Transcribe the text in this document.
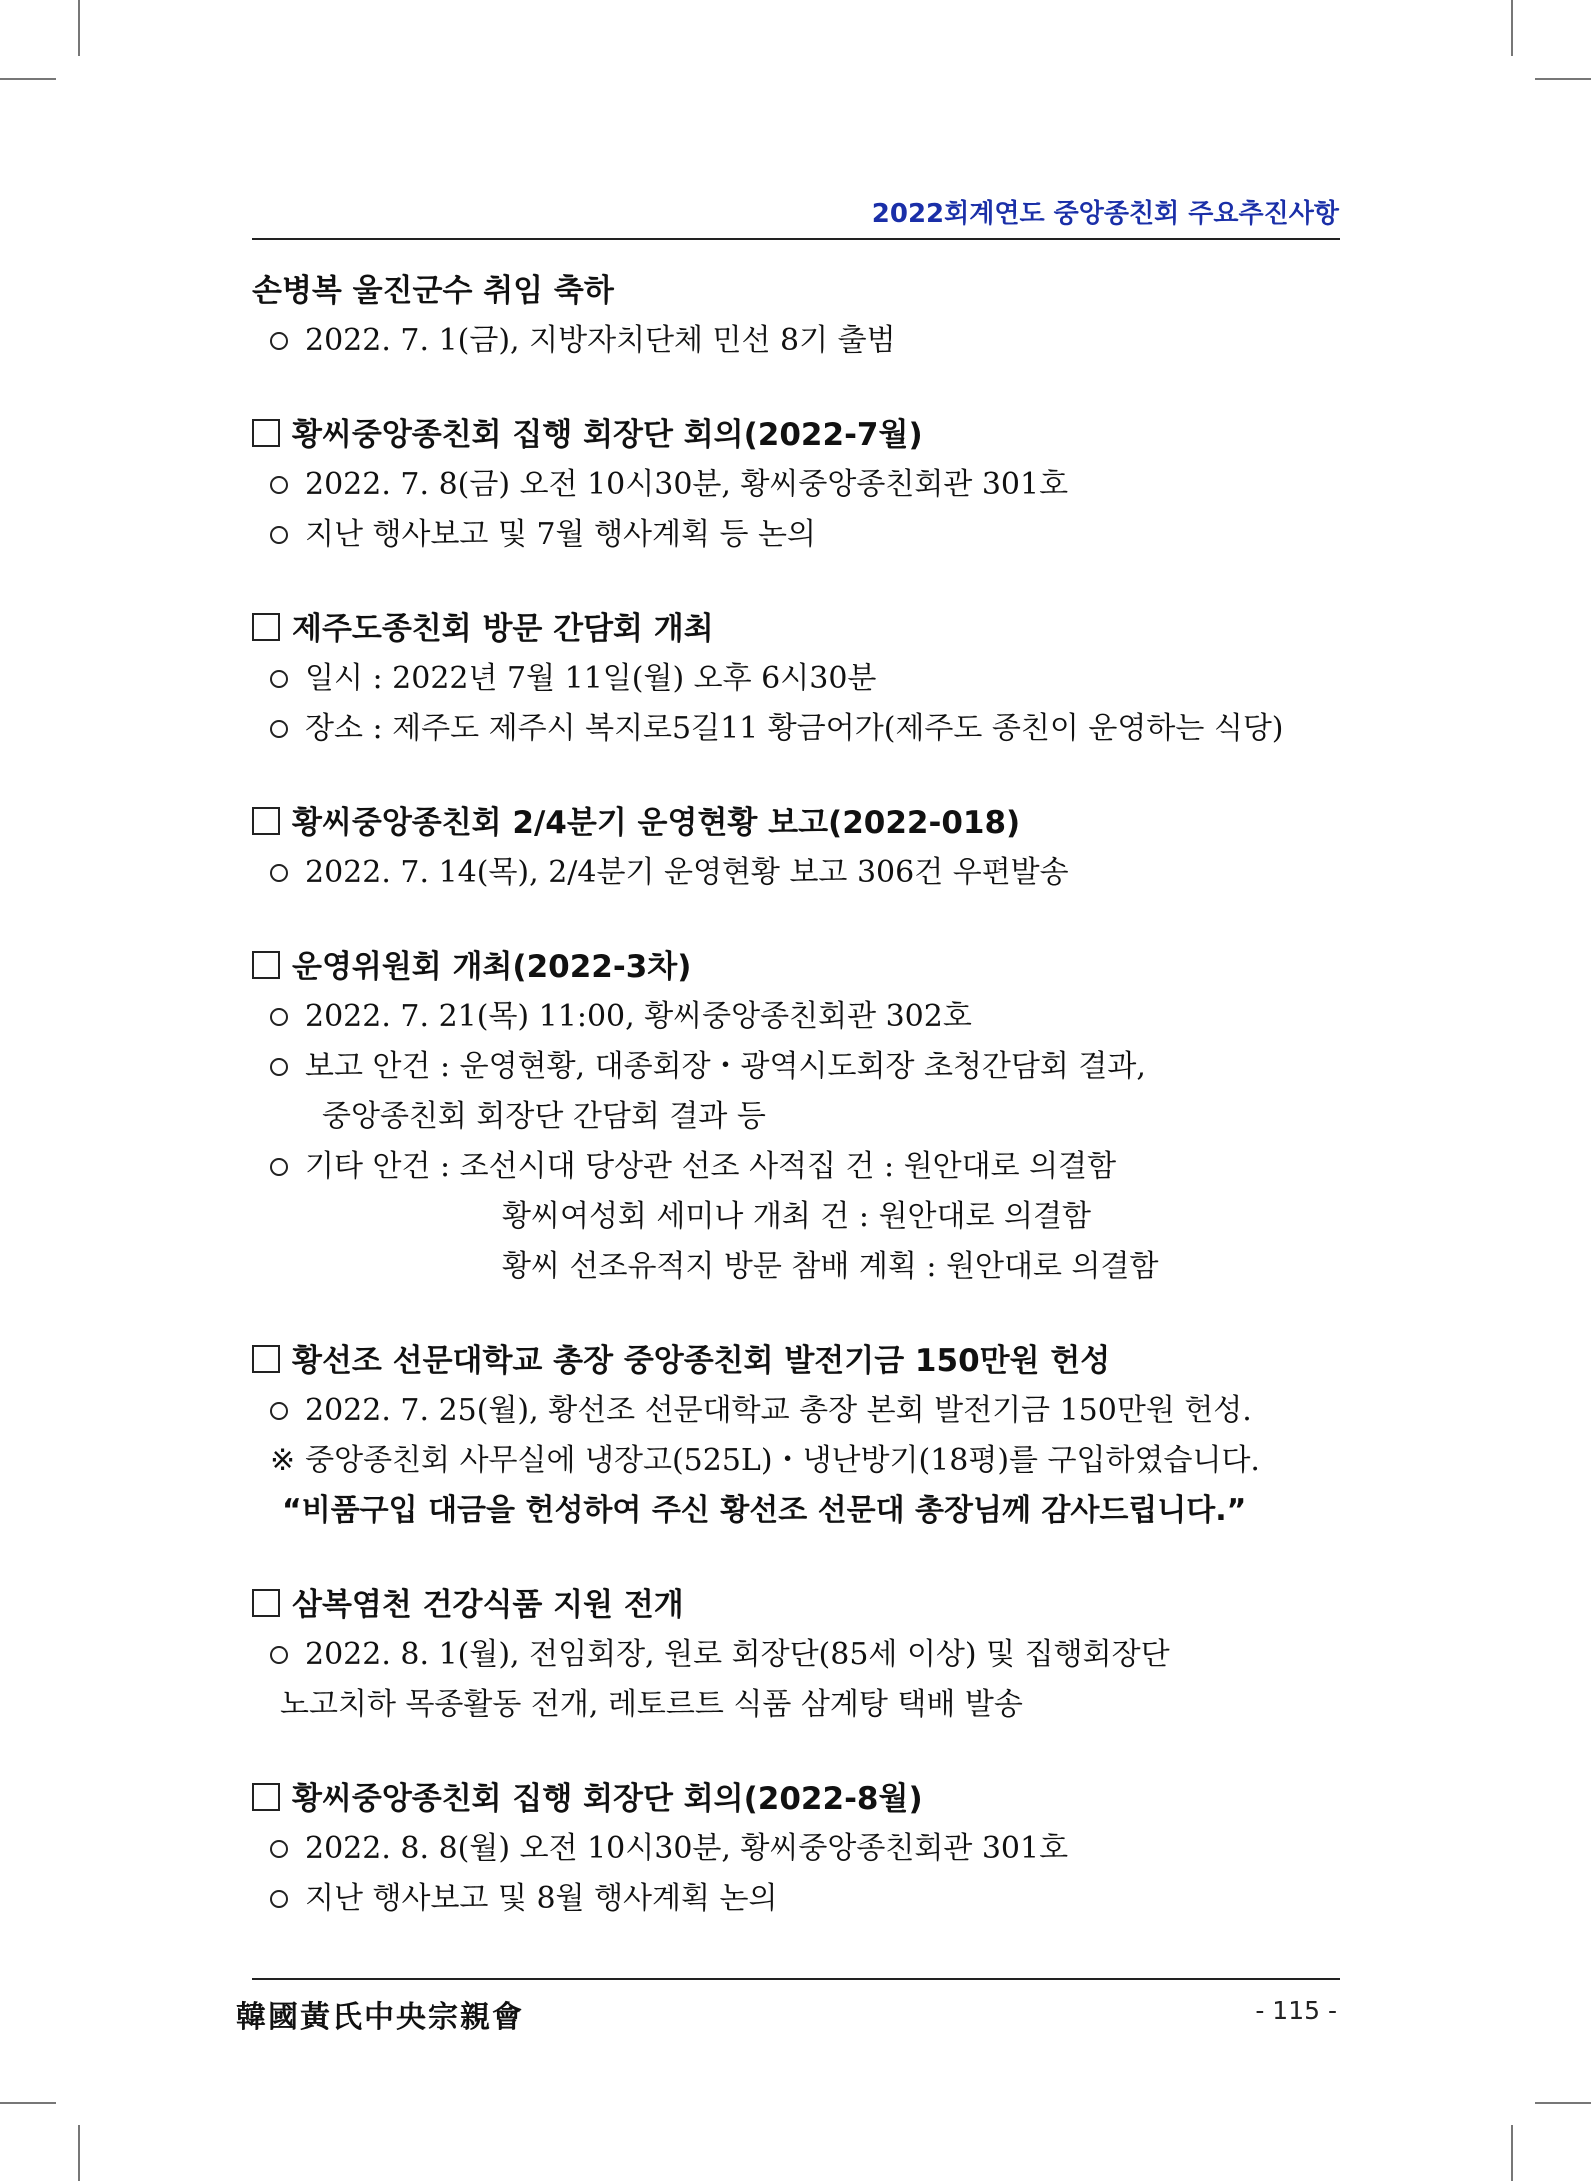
2022회계연도 중앙종친회 주요추진사항
손병복 울진군수 취임 축하
2022. 7. 1(금), 지방자치단체 민선 8기 출범
황씨중앙종친회 집행 회장단 회의(2022-7월)
2022. 7. 8(금) 오전 10시30분, 황씨중앙종친회관 301호
지난 행사보고 및 7월 행사계획 등 논의
제주도종친회 방문 간담회 개최
일시 : 2022년 7월 11일(월) 오후 6시30분
장소 : 제주도 제주시 복지로5길11 황금어가(제주도 종친이 운영하는 식당)
황씨중앙종친회 2/4분기 운영현황 보고(2022-018)
2022. 7. 14(목), 2/4분기 운영현황 보고 306건 우편발송
운영위원회 개최(2022-3차)
2022. 7. 21(목) 11:00, 황씨중앙종친회관 302호
보고 안건 : 운영현황, 대종회장・광역시도회장 초청간담회 결과,
중앙종친회 회장단 간담회 결과 등
기타 안건 : 조선시대 당상관 선조 사적집 건 : 원안대로 의결함
황씨여성회 세미나 개최 건 : 원안대로 의결함
황씨 선조유적지 방문 참배 계획 : 원안대로 의결함
황선조 선문대학교 총장 중앙종친회 발전기금 150만원 헌성
2022. 7. 25(월), 황선조 선문대학교 총장 본회 발전기금 150만원 헌성.
※ 중앙종친회 사무실에 냉장고(525L)・냉난방기(18평)를 구입하였습니다.
“비품구입 대금을 헌성하여 주신 황선조 선문대 총장님께 감사드립니다.”
삼복염천 건강식품 지원 전개
2022. 8. 1(월), 전임회장, 원로 회장단(85세 이상) 및 집행회장단
노고치하 목종활동 전개, 레토르트 식품 삼계탕 택배 발송
황씨중앙종친회 집행 회장단 회의(2022-8월)
2022. 8. 8(월) 오전 10시30분, 황씨중앙종친회관 301호
지난 행사보고 및 8월 행사계획 논의
韓國黃氏中央宗親會	- 115 -
